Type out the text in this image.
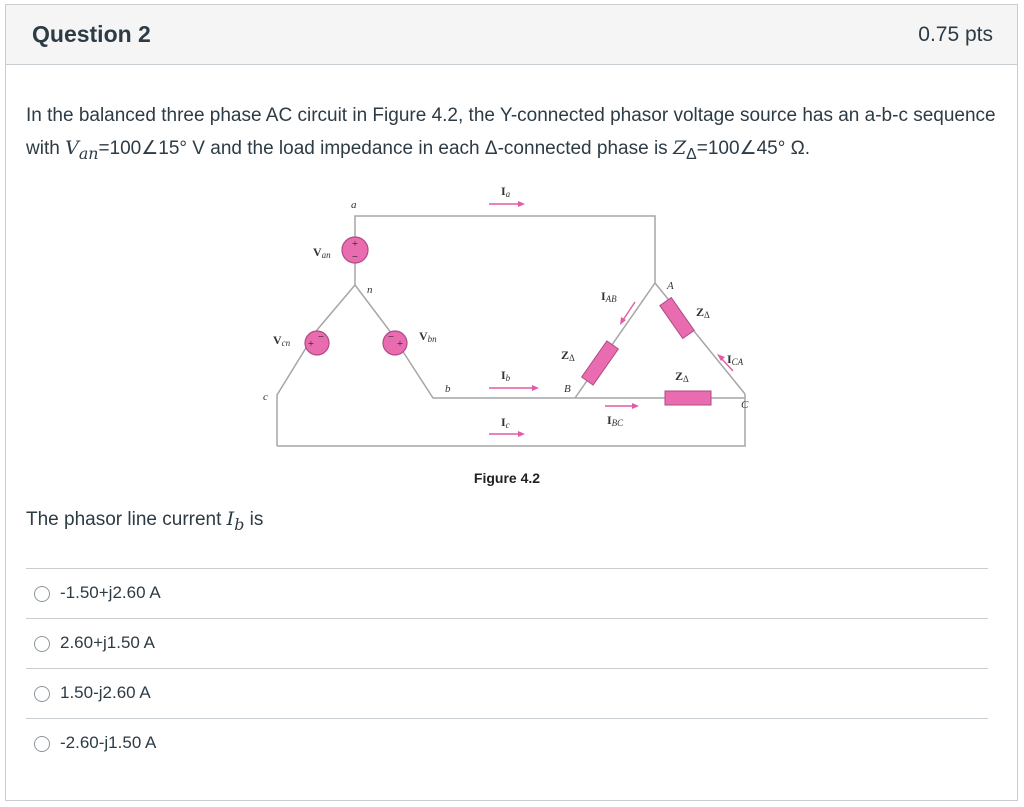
Question 2	0.75 pts
In the balanced three phase AC circuit in Figure 4.2, the Y-connected phasor voltage source has an a-b-c sequence with $V_{an}=100\angle 15^\circ$ V and the load impedance in each Δ-connected phase is $Z_\Delta=100\angle 45^\circ$ Ω.
+
−
+
−	−
+
a
n
c
b
A
B
C
Van
Vcn	Vbn
Ia
Ib
Ic
IAB
IBC
ICA
ZΔ
ZΔ
ZΔ
Figure 4.2
The phasor line current $I_b$ is
-1.50+j2.60 A
2.60+j1.50 A
1.50-j2.60 A
-2.60-j1.50 A
